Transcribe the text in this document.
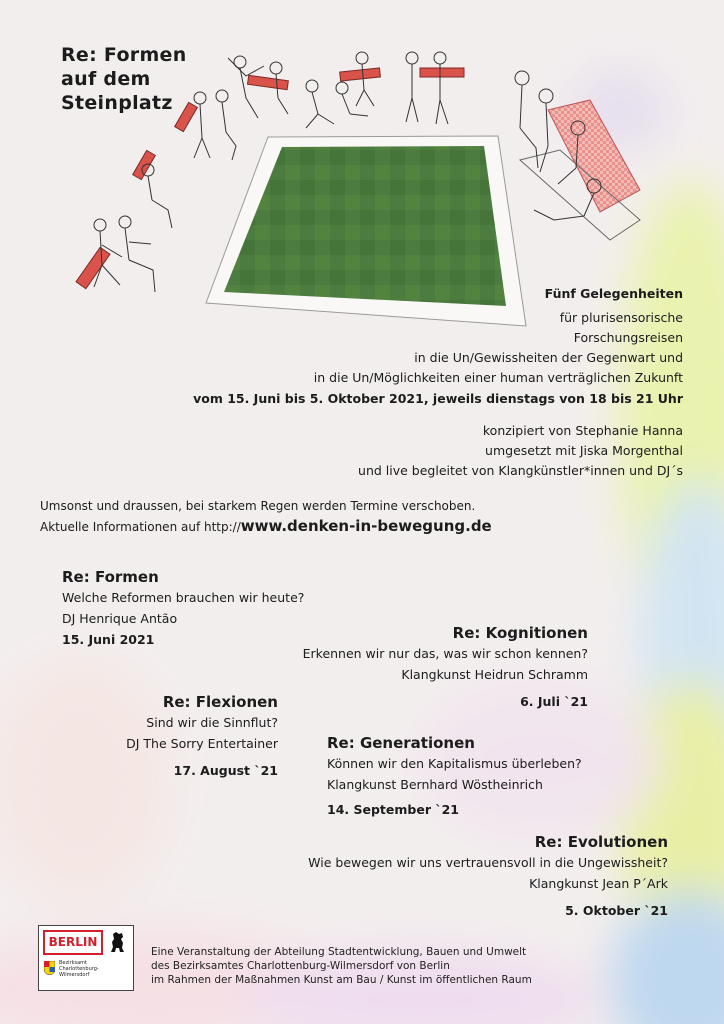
Re: Formen
auf dem
Steinplatz
Fünf Gelegenheiten
für plurisensorische
Forschungsreisen
in die Un/Gewissheiten der Gegenwart und
in die Un/Möglichkeiten einer human verträglichen Zukunft
vom 15. Juni bis 5. Oktober 2021, jeweils dienstags von 18 bis 21 Uhr
konzipiert von Stephanie Hanna
umgesetzt mit Jiska Morgenthal
und live begleitet von Klangkünstler*innen und DJ´s
Umsonst und draussen, bei starkem Regen werden Termine verschoben.
Aktuelle Informationen auf http://www.denken-in-bewegung.de
Re: Formen
Welche Reformen brauchen wir heute?
DJ Henrique Antão
15. Juni 2021	Re: Kognitionen
Erkennen wir nur das, was wir schon kennen?
Klangkunst Heidrun Schramm
6. Juli `21
Re: Flexionen
Sind wir die Sinnflut?
DJ The Sorry Entertainer
17. August `21
Re: Generationen
Können wir den Kapitalismus überleben?
Klangkunst Bernhard Wöstheinrich
14. September `21
Re: Evolutionen
Wie bewegen wir uns vertrauensvoll in die Ungewissheit?
Klangkunst Jean P´Ark
5. Oktober `21
BERLIN
Bezirksamt
Charlottenburg-
Wilmersdorf
Eine Veranstaltung der Abteilung Stadtentwicklung, Bauen und Umwelt
des Bezirksamtes Charlottenburg-Wilmersdorf von Berlin
im Rahmen der Maßnahmen Kunst am Bau / Kunst im öffentlichen Raum
